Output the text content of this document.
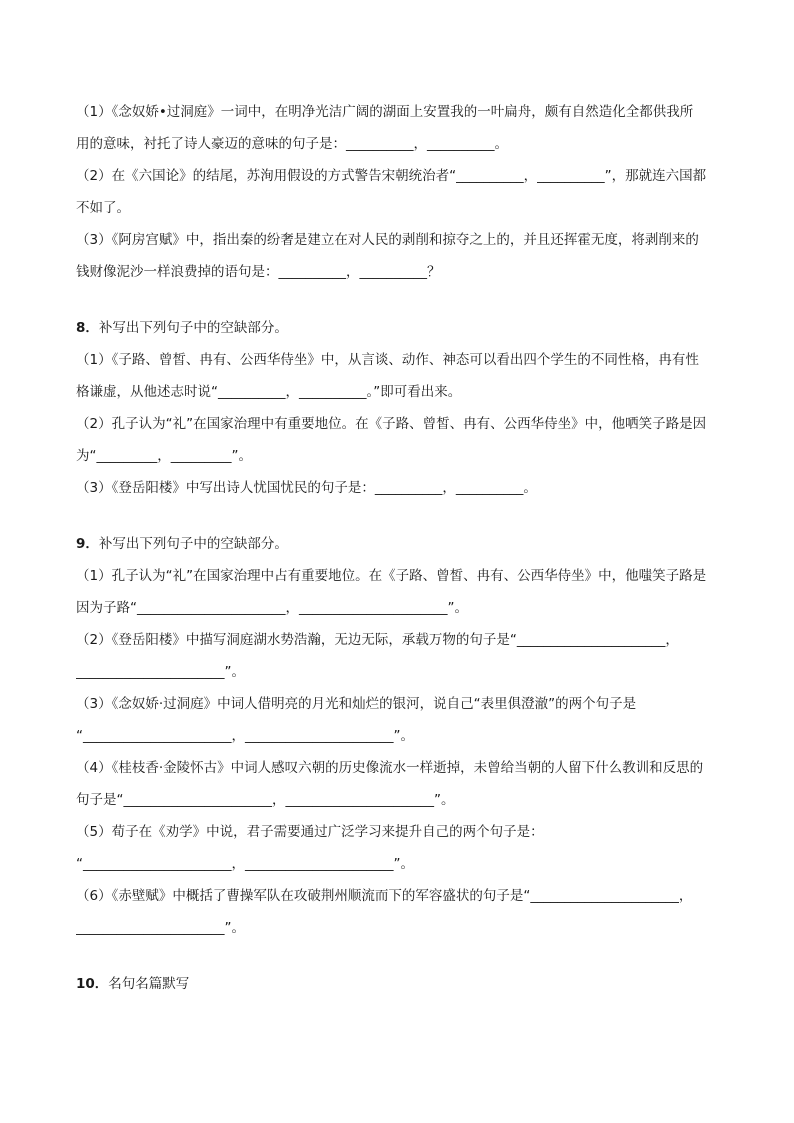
（1）《念奴娇•过洞庭》一词中，在明净光洁广阔的湖面上安置我的一叶扁舟，颇有自然造化全都供我所
用的意味，衬托了诗人豪迈的意味的句子是：__________，__________。
（2）在《六国论》的结尾，苏洵用假设的方式警告宋朝统治者“__________，__________”，那就连六国都
不如了。
（3）《阿房宫赋》中，指出秦的纷奢是建立在对人民的剥削和掠夺之上的，并且还挥霍无度，将剥削来的
钱财像泥沙一样浪费掉的语句是：__________，__________？
8．补写出下列句子中的空缺部分。
（1）《子路、曾皙、冉有、公西华侍坐》中，从言谈、动作、神态可以看出四个学生的不同性格，冉有性
格谦虚，从他述志时说“__________，__________。”即可看出来。
（2）孔子认为“礼”在国家治理中有重要地位。在《子路、曾皙、冉有、公西华侍坐》中，他哂笑子路是因
为“_________，_________”。
（3）《登岳阳楼》中写出诗人忧国忧民的句子是：__________，__________。
9．补写出下列句子中的空缺部分。
（1）孔子认为“礼”在国家治理中占有重要地位。在《子路、曾皙、冉有、公西华侍坐》中，他嗤笑子路是
因为子路“______________________，______________________”。
（2）《登岳阳楼》中描写洞庭湖水势浩瀚，无边无际，承载万物的句子是“______________________，
______________________”。
（3）《念奴娇·过洞庭》中词人借明亮的月光和灿烂的银河，说自己“表里俱澄澈”的两个句子是
“______________________，______________________”。
（4）《桂枝香·金陵怀古》中词人感叹六朝的历史像流水一样逝掉，未曾给当朝的人留下什么教训和反思的
句子是“______________________，______________________”。
（5）荀子在《劝学》中说，君子需要通过广泛学习来提升自己的两个句子是：
“______________________，______________________”。
（6）《赤壁赋》中概括了曹操军队在攻破荆州顺流而下的军容盛状的句子是“______________________，
______________________”。
10．名句名篇默写
